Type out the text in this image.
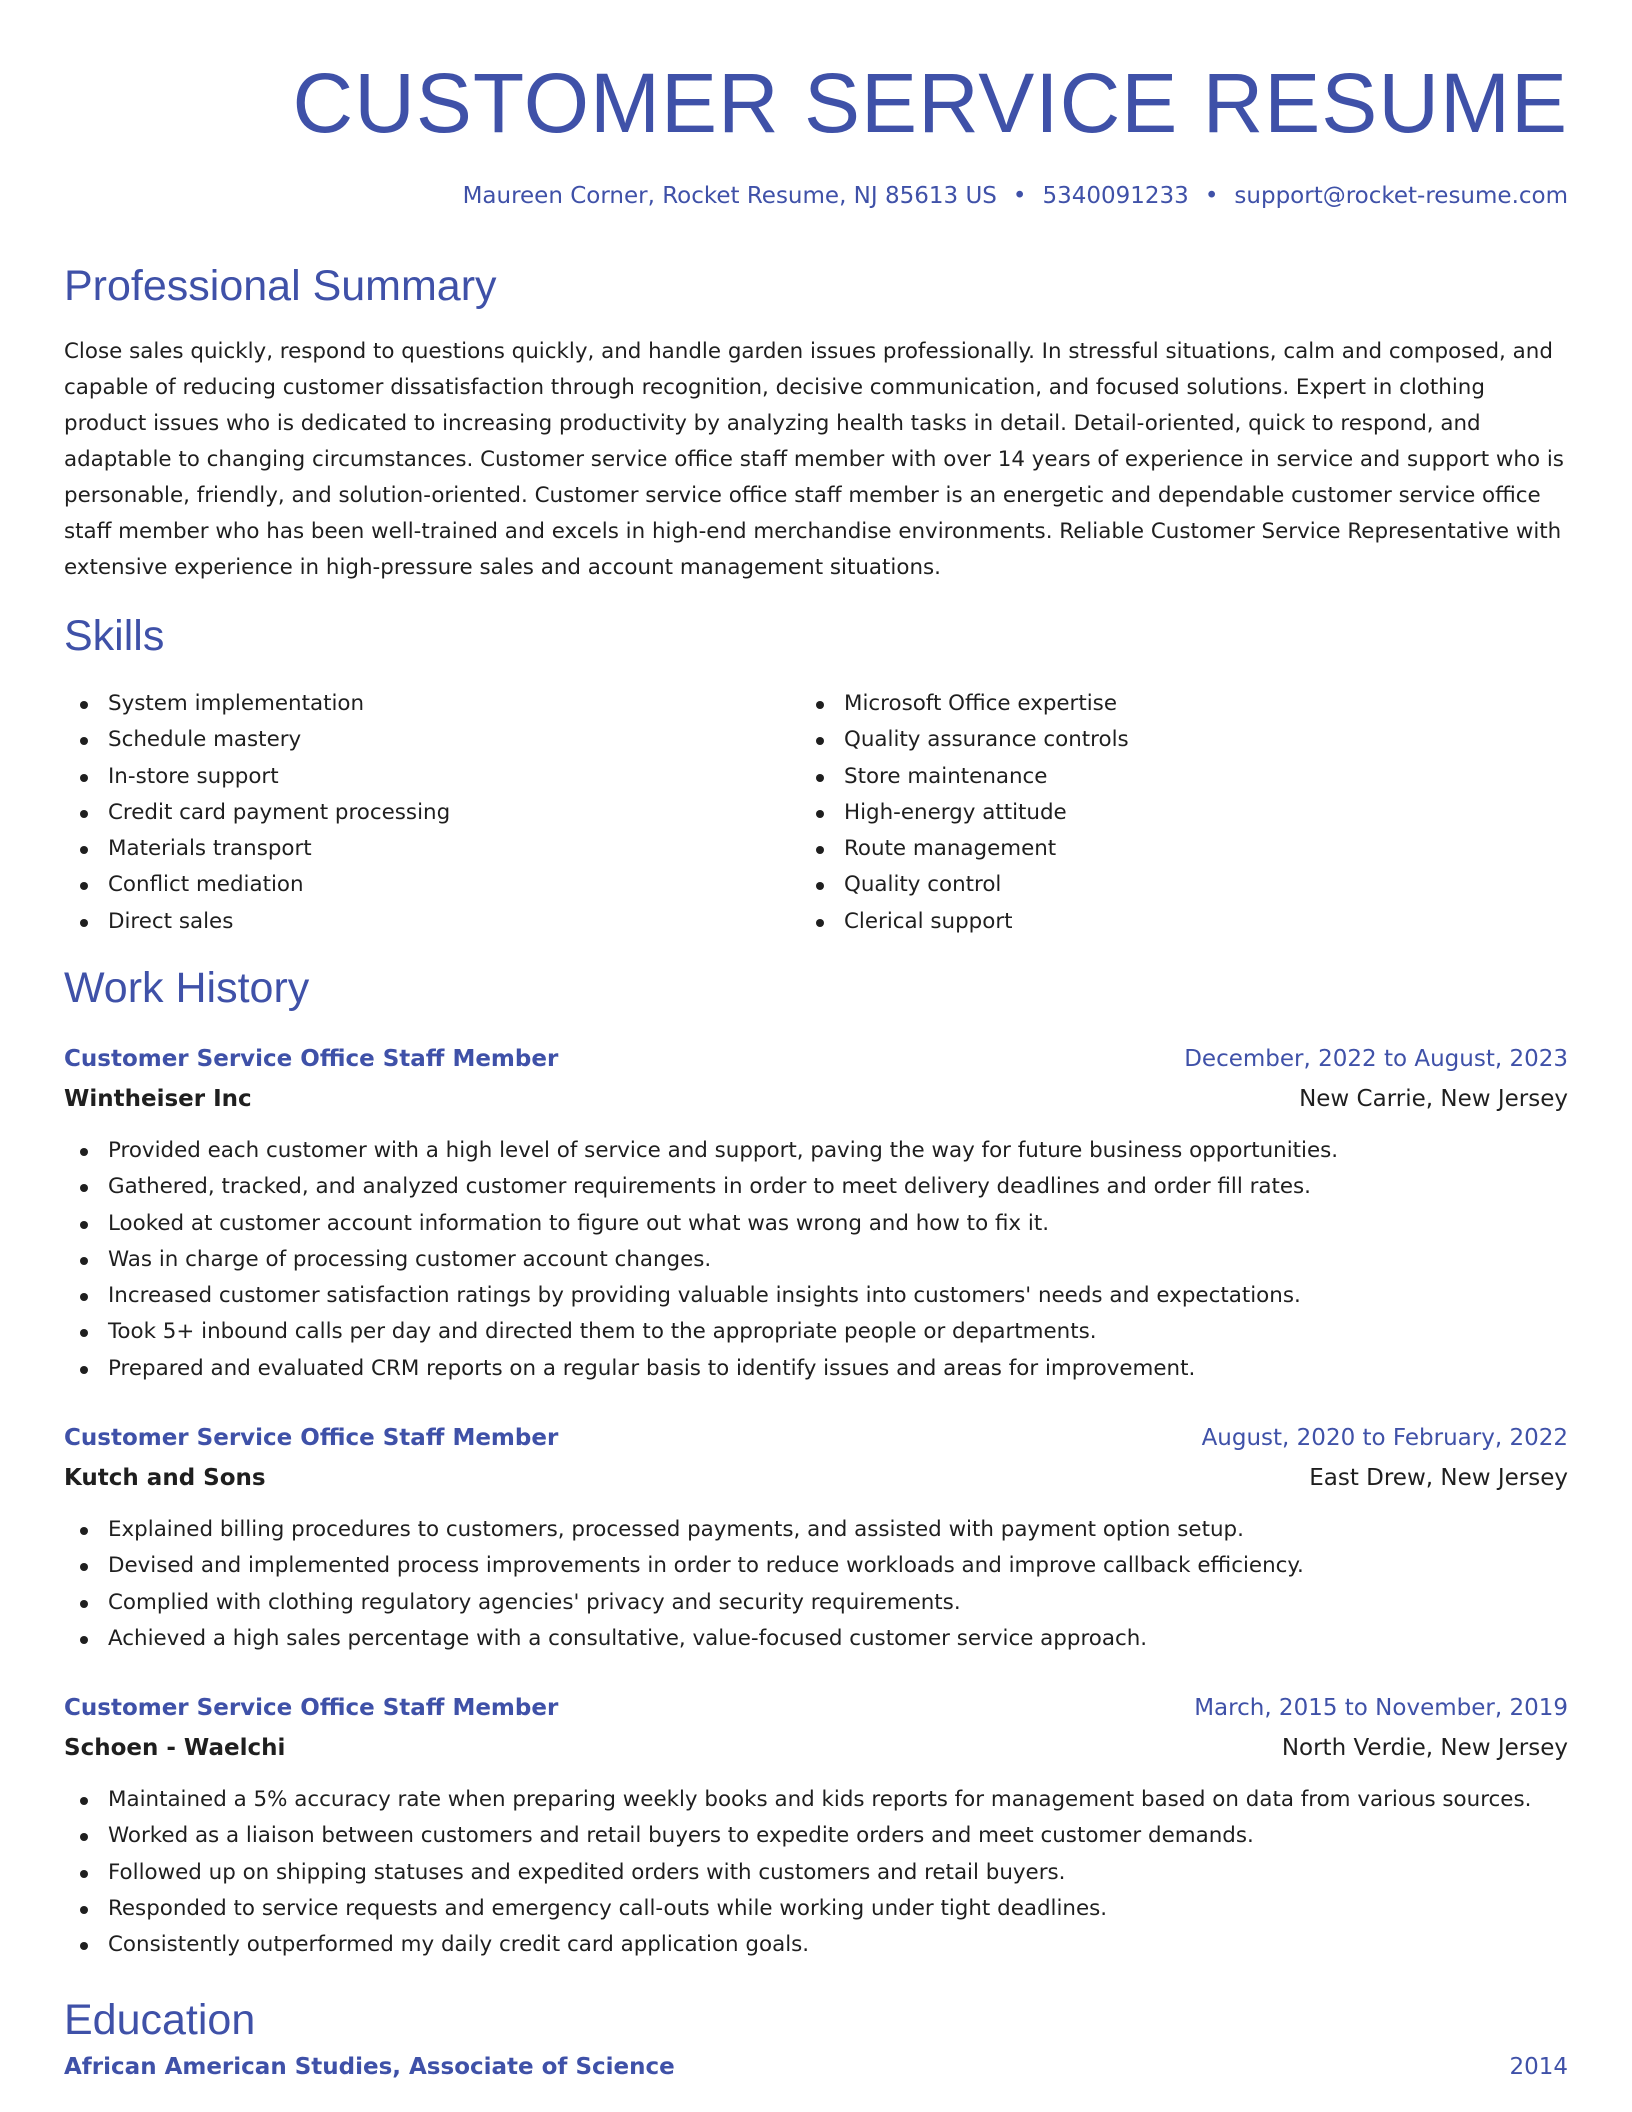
CUSTOMER SERVICE RESUME
Maureen Corner, Rocket Resume, NJ 85613 US • 5340091233 • support@rocket-resume.com
Professional Summary

Close sales quickly, respond to questions quickly, and handle garden issues professionally. In stressful situations, calm and composed, and capable of reducing customer dissatisfaction through recognition, decisive communication, and focused solutions. Expert in clothing product issues who is dedicated to increasing productivity by analyzing health tasks in detail. Detail-oriented, quick to respond, and adaptable to changing circumstances. Customer service office staff member with over 14 years of experience in service and support who is personable, friendly, and solution-oriented. Customer service office staff member is an energetic and dependable customer service office staff member who has been well-trained and excels in high-end merchandise environments. Reliable Customer Service Representative with extensive experience in high-pressure sales and account management situations.

Skills
System implementation
Schedule mastery
In-store support
Credit card payment processing
Materials transport
Conflict mediation
Direct sales
Microsoft Office expertise
Quality assurance controls
Store maintenance
High-energy attitude
Route management
Quality control
Clerical support
Work History
Customer Service Office Staff Member	December, 2022 to August, 2023
Wintheiser Inc	New Carrie, New Jersey
Provided each customer with a high level of service and support, paving the way for future business opportunities.
Gathered, tracked, and analyzed customer requirements in order to meet delivery deadlines and order fill rates.
Looked at customer account information to figure out what was wrong and how to fix it.
Was in charge of processing customer account changes.
Increased customer satisfaction ratings by providing valuable insights into customers' needs and expectations.
Took 5+ inbound calls per day and directed them to the appropriate people or departments.
Prepared and evaluated CRM reports on a regular basis to identify issues and areas for improvement.
Customer Service Office Staff Member	August, 2020 to February, 2022
Kutch and Sons	East Drew, New Jersey
Explained billing procedures to customers, processed payments, and assisted with payment option setup.
Devised and implemented process improvements in order to reduce workloads and improve callback efficiency.
Complied with clothing regulatory agencies' privacy and security requirements.
Achieved a high sales percentage with a consultative, value-focused customer service approach.
Customer Service Office Staff Member	March, 2015 to November, 2019
Schoen - Waelchi	North Verdie, New Jersey
Maintained a 5% accuracy rate when preparing weekly books and kids reports for management based on data from various sources.
Worked as a liaison between customers and retail buyers to expedite orders and meet customer demands.
Followed up on shipping statuses and expedited orders with customers and retail buyers.
Responded to service requests and emergency call-outs while working under tight deadlines.
Consistently outperformed my daily credit card application goals.
Education
African American Studies, Associate of Science	2014
